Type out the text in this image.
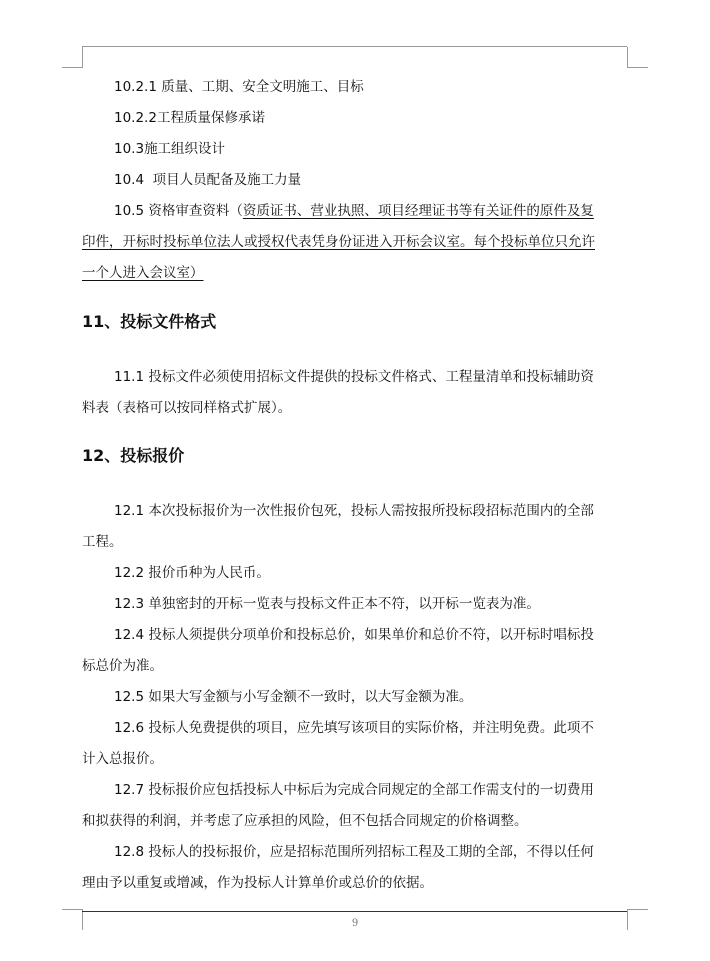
10.2.1 质量、工期、安全文明施工、目标
10.2.2工程质量保修承诺
10.3施工组织设计
10.4  项目人员配备及施工力量
10.5 资格审查资料（资质证书、营业执照、项目经理证书等有关证件的原件及复
印件，开标时投标单位法人或授权代表凭身份证进入开标会议室。每个投标单位只允许
一个人进入会议室）
11、投标文件格式
11.1 投标文件必须使用招标文件提供的投标文件格式、工程量清单和投标辅助资
料表（表格可以按同样格式扩展）。
12、投标报价
12.1 本次投标报价为一次性报价包死，投标人需按报所投标段招标范围内的全部
工程。
12.2 报价币种为人民币。
12.3 单独密封的开标一览表与投标文件正本不符，以开标一览表为准。
12.4 投标人须提供分项单价和投标总价，如果单价和总价不符，以开标时唱标投
标总价为准。
12.5 如果大写金额与小写金额不一致时，以大写金额为准。
12.6 投标人免费提供的项目，应先填写该项目的实际价格，并注明免费。此项不
计入总报价。
12.7 投标报价应包括投标人中标后为完成合同规定的全部工作需支付的一切费用
和拟获得的利润，并考虑了应承担的风险，但不包括合同规定的价格调整。
12.8 投标人的投标报价，应是招标范围所列招标工程及工期的全部，不得以任何
理由予以重复或增减，作为投标人计算单价或总价的依据。
9
